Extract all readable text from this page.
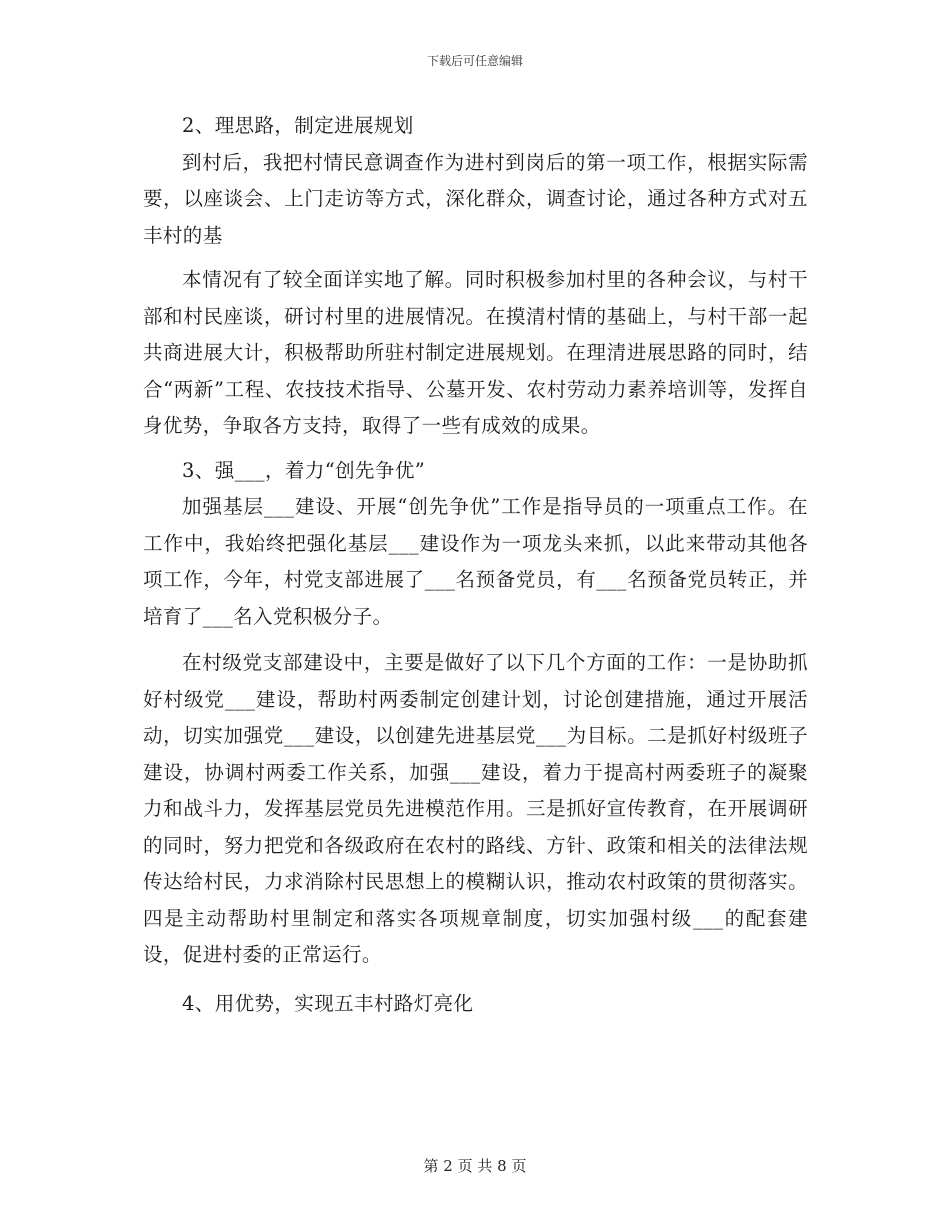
下载后可任意编辑

2、理思路，制定进展规划

到村后，我把村情民意调查作为进村到岗后的第一项工作，根据实际需要，以座谈会、上门走访等方式，深化群众，调查讨论，通过各种方式对五丰村的基

本情况有了较全面详实地了解。同时积极参加村里的各种会议，与村干部和村民座谈，研讨村里的进展情况。在摸清村情的基础上，与村干部一起共商进展大计，积极帮助所驻村制定进展规划。在理清进展思路的同时，结合“两新”工程、农技技术指导、公墓开发、农村劳动力素养培训等，发挥自身优势，争取各方支持，取得了一些有成效的成果。

3、强___，着力“创先争优”

加强基层___建设、开展“创先争优”工作是指导员的一项重点工作。在工作中，我始终把强化基层___建设作为一项龙头来抓，以此来带动其他各项工作，今年，村党支部进展了___名预备党员，有___名预备党员转正，并培育了___名入党积极分子。

在村级党支部建设中，主要是做好了以下几个方面的工作：一是协助抓好村级党___建设，帮助村两委制定创建计划，讨论创建措施，通过开展活动，切实加强党___建设，以创建先进基层党___为目标。二是抓好村级班子建设，协调村两委工作关系，加强___建设，着力于提高村两委班子的凝聚力和战斗力，发挥基层党员先进模范作用。三是抓好宣传教育，在开展调研的同时，努力把党和各级政府在农村的路线、方针、政策和相关的法律法规传达给村民，力求消除村民思想上的模糊认识，推动农村政策的贯彻落实。四是主动帮助村里制定和落实各项规章制度，切实加强村级___的配套建设，促进村委的正常运行。

4、用优势，实现五丰村路灯亮化

第 2 页 共 8 页
